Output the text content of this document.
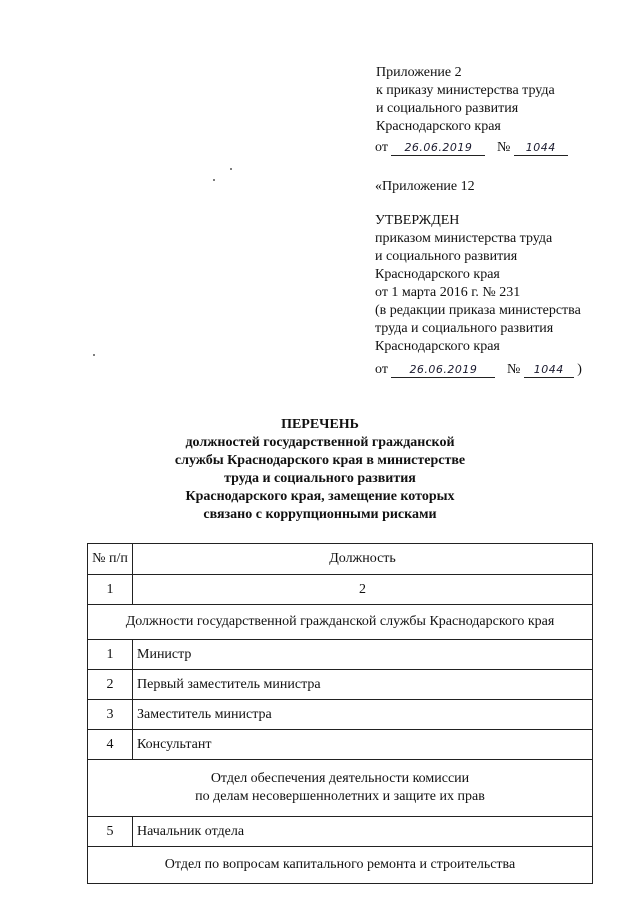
Приложение 2
к приказу министерства труда
и социального развития
Краснодарского края
от 26.06.2019 № 1044
«Приложение 12
УТВЕРЖДЕН
приказом министерства труда
и социального развития
Краснодарского края
от 1 марта 2016 г. № 231
(в редакции приказа министерства
труда и социального развития
Краснодарского края
от 26.06.2019 № 1044 )
ПЕРЕЧЕНЬ
должностей государственной гражданской
службы Краснодарского края в министерстве
труда и социального развития
Краснодарского края, замещение которых
связано с коррупционными рисками
№ п/п	Должность
1	2
Должности государственной гражданской службы Краснодарского края	
1	Министр
2	Первый заместитель министра
3	Заместитель министра
4	Консультант

Отдел обеспечения деятельности комиссии
по делам несовершеннолетних и защите их прав	

5	Начальник отдела
Отдел по вопросам капитального ремонта и строительства	
